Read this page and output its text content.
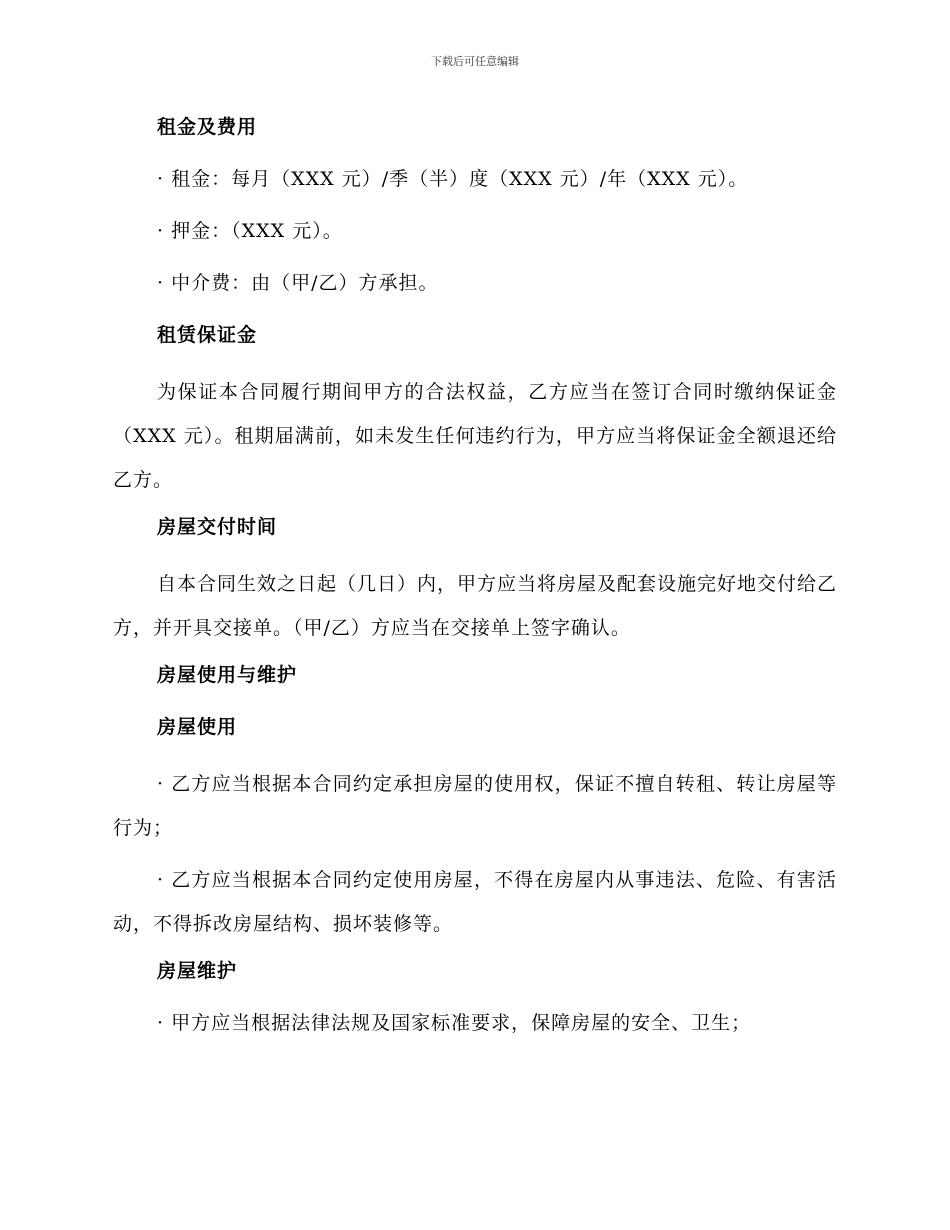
下载后可任意编辑

租金及费用

· 租金：每月（XXX 元）/季（半）度（XXX 元）/年（XXX 元）。

· 押金：（XXX 元）。

· 中介费：由（甲/乙）方承担。

租赁保证金

为保证本合同履行期间甲方的合法权益，乙方应当在签订合同时缴纳保证金（XXX 元）。租期届满前，如未发生任何违约行为，甲方应当将保证金全额退还给乙方。

房屋交付时间

自本合同生效之日起（几日）内，甲方应当将房屋及配套设施完好地交付给乙方，并开具交接单。（甲/乙）方应当在交接单上签字确认。

房屋使用与维护

房屋使用

· 乙方应当根据本合同约定承担房屋的使用权，保证不擅自转租、转让房屋等行为；

· 乙方应当根据本合同约定使用房屋，不得在房屋内从事违法、危险、有害活动，不得拆改房屋结构、损坏装修等。

房屋维护

· 甲方应当根据法律法规及国家标准要求，保障房屋的安全、卫生；
